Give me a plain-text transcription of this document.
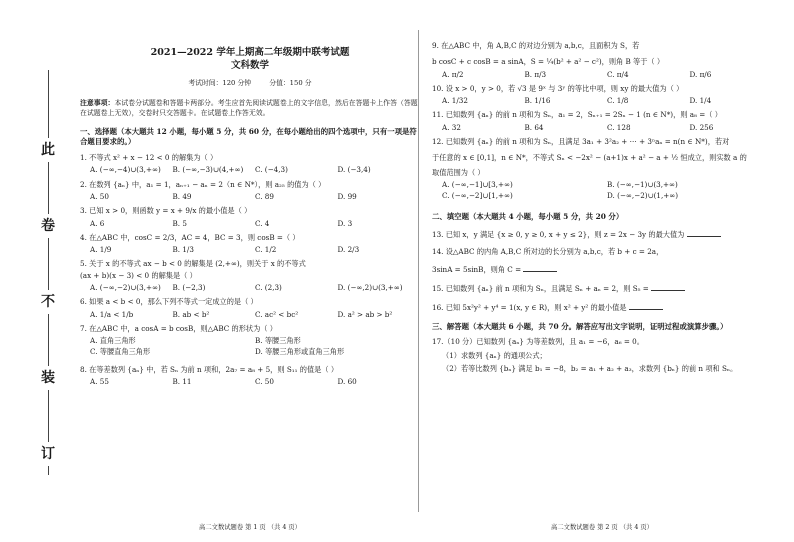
此
卷
不
装
订
2021—2022 学年上期高二年级期中联考试题
文科数学
考试时间：120 分钟	分值：150 分
注意事项：本试卷分试题卷和答题卡两部分。考生应首先阅读试题卷上的文字信息，然后在答题卡上作答（答题在试题卷上无效），交卷时只交答题卡。在试题卷上作答无效。
一、选择题（本大题共 12 小题，每小题 5 分，共 60 分，在每小题给出的四个选项中，只有一项是符合题目要求的。）
1. 不等式 x² + x − 12 < 0 的解集为（ ）
A. (−∞,−4)∪(3,+∞)	B. (−∞,−3)∪(4,+∞)	C. (−4,3)	D. (−3,4)
2. 在数列 {aₙ} 中，a₁ = 1，aₙ₊₁ − aₙ = 2（n ∈ N*），则 a₂₅ 的值为（ ）
A. 50	B. 49	C. 89	D. 99
3. 已知 x > 0，则函数 y = x + 9/x 的最小值是（ ）
A. 6	B. 5	C. 4	D. 3
4. 在△ABC 中，cosC = 2/3，AC = 4，BC = 3，则 cosB =（ ）
A. 1/9	B. 1/3	C. 1/2	D. 2/3
5. 关于 x 的不等式 ax − b < 0 的解集是 (2,+∞)，则关于 x 的不等式
(ax + b)(x − 3) < 0 的解集是（ ）
A. (−∞,−2)∪(3,+∞)	B. (−2,3)	C. (2,3)	D. (−∞,2)∪(3,+∞)
6. 如果 a < b < 0，那么下列不等式一定成立的是（ ）
A. 1/a < 1/b	B. ab < b²	C. ac² < bc²	D. a² > ab > b²
7. 在△ABC 中，a cosA = b cosB，则△ABC 的形状为（ ）
A. 直角三角形	B. 等腰三角形
C. 等腰直角三角形	D. 等腰三角形或直角三角形
8. 在等差数列 {aₙ} 中，若 Sₙ 为前 n 项和，2a₇ = a₈ + 5，则 S₁₁ 的值是（ ）
A. 55	B. 11	C. 50	D. 60
9. 在△ABC 中，角 A,B,C 的对边分别为 a,b,c，且面积为 S，若
b cosC + c cosB = a sinA，S = ¼(b² + a² − c²)，则角 B 等于（ ）
A. π/2	B. π/3	C. π/4	D. π/6
10. 设 x > 0，y > 0，若 √3 是 9ˣ 与 3ʸ 的等比中项，则 xy 的最大值为（ ）
A. 1/32	B. 1/16	C. 1/8	D. 1/4
11. 已知数列 {aₙ} 的前 n 项和为 Sₙ，a₁ = 2，Sₙ₊₁ = 2Sₙ − 1 (n ∈ N*)，则 a₈ =（ ）
A. 32	B. 64	C. 128	D. 256
12. 已知数列 {aₙ} 的前 n 项和为 Sₙ，且满足 3a₁ + 3²a₂ + ⋯ + 3ⁿaₙ = n(n ∈ N*)，若对
于任意的 x ∈ [0,1]，n ∈ N*，不等式 Sₙ < −2x² − (a+1)x + a² − a + ½ 恒成立，则实数 a 的
取值范围为（ ）
A. (−∞,−1]∪[3,+∞)	B. (−∞,−1)∪(3,+∞)
C. (−∞,−2]∪[1,+∞)	D. (−∞,−2)∪(1,+∞)
二、填空题（本大题共 4 小题，每小题 5 分，共 20 分）
13. 已知 x，y 满足 {x ≥ 0, y ≥ 0, x + y ≤ 2}，则 z = 2x − 3y 的最大值为
14. 设△ABC 的内角 A,B,C 所对边的长分别为 a,b,c，若 b + c = 2a，
3sinA = 5sinB，则角 C =
15. 已知数列 {aₙ} 前 n 项和为 Sₙ，且满足 Sₙ + aₙ = 2，则 S₅ =
16. 已知 5x²y² + y⁴ = 1(x, y ∈ R)，则 x² + y² 的最小值是
三、解答题（本大题共 6 小题，共 70 分。解答应写出文字说明，证明过程或演算步骤。）
17.（10 分）已知数列 {aₙ} 为等差数列，且 a₁ = −6，a₆ = 0。
（1）求数列 {aₙ} 的通项公式；
（2）若等比数列 {bₙ} 满足 b₁ = −8，b₂ = a₁ + a₂ + a₃，求数列 {bₙ} 的前 n 项和 Sₙ。
高二文数试题卷 第 1 页 （共 4 页）	高二文数试题卷 第 2 页 （共 4 页）
